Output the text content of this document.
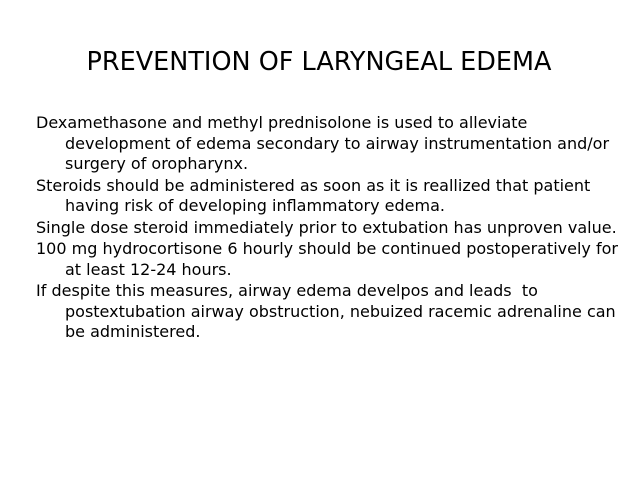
PREVENTION OF LARYNGEAL EDEMA
Dexamethasone and methyl prednisolone is used to alleviate development of edema secondary to airway instrumentation and/or surgery of oropharynx.
Steroids should be administered as soon as it is reallized that patient having risk of developing inflammatory edema.
Single dose steroid immediately prior to extubation has unproven value.
100 mg hydrocortisone 6 hourly should be continued postoperatively for at least 12-24 hours.
If despite this measures, airway edema develpos and leads  to postextubation airway obstruction, nebuized racemic adrenaline can be administered.
